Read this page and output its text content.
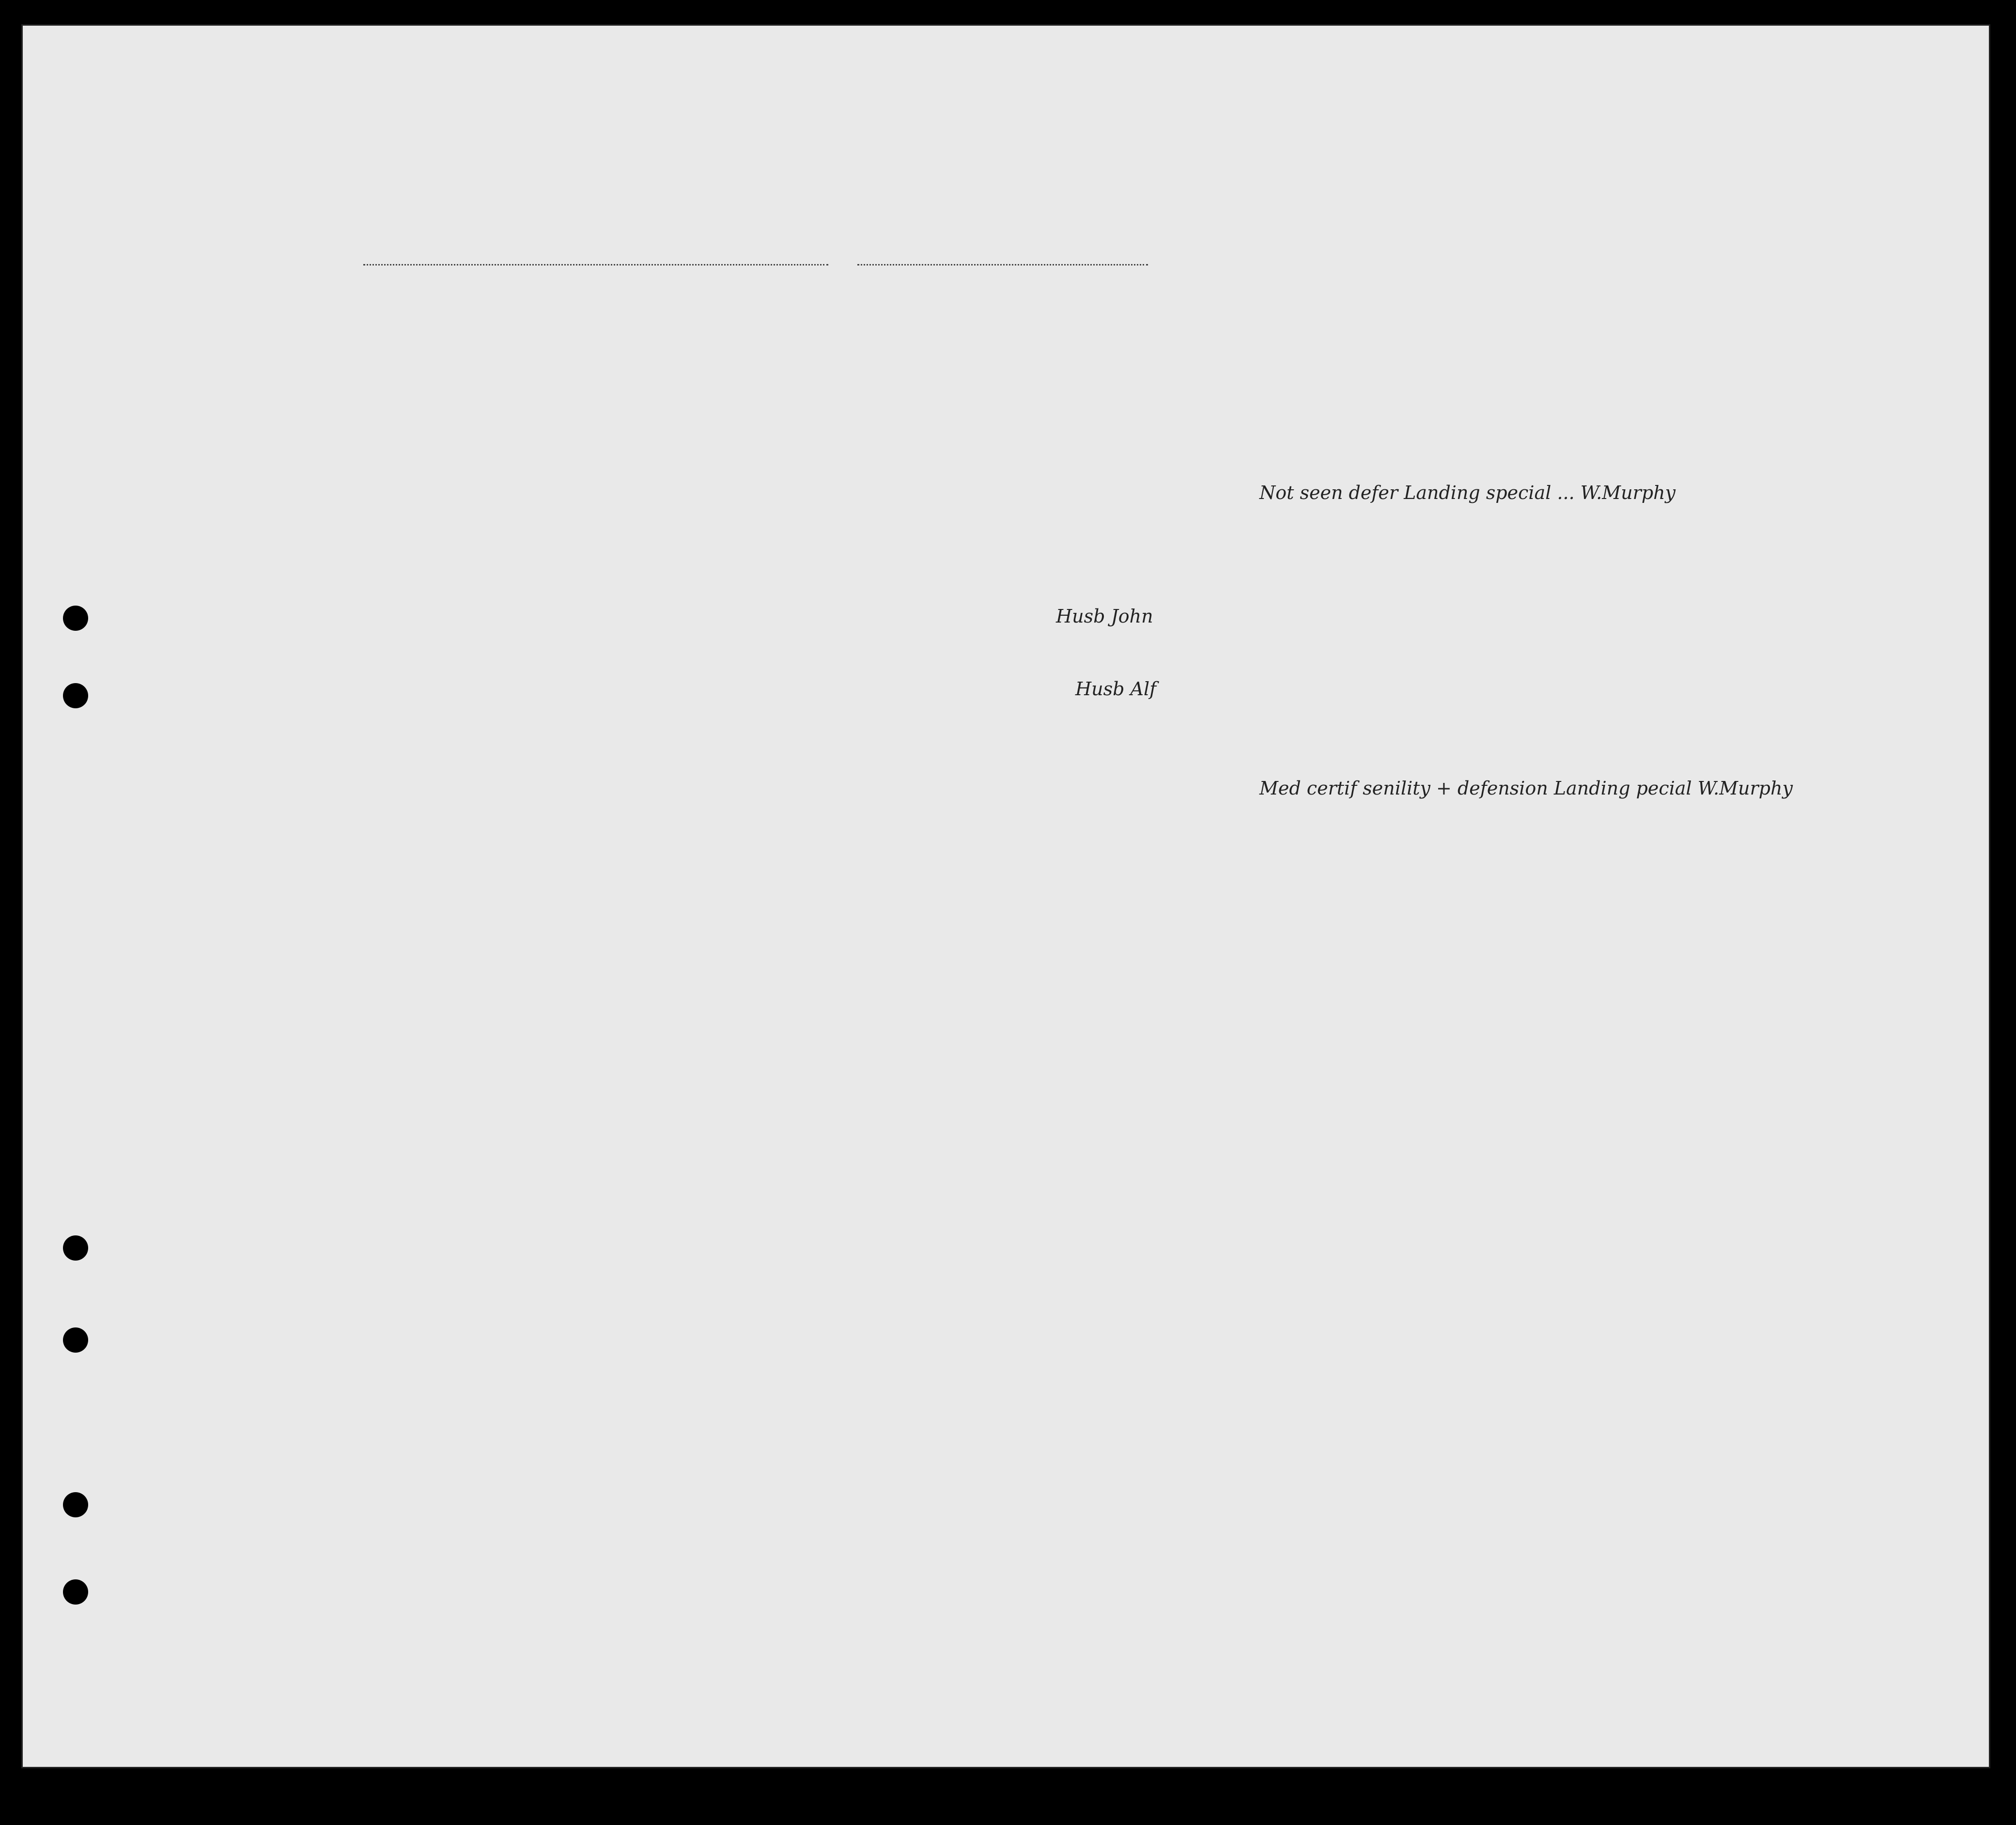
Not seen defer Landing special ... W.Murphy
Husb John
Husb Alf
Med certif senility + defension Landing pecial W.Murphy
